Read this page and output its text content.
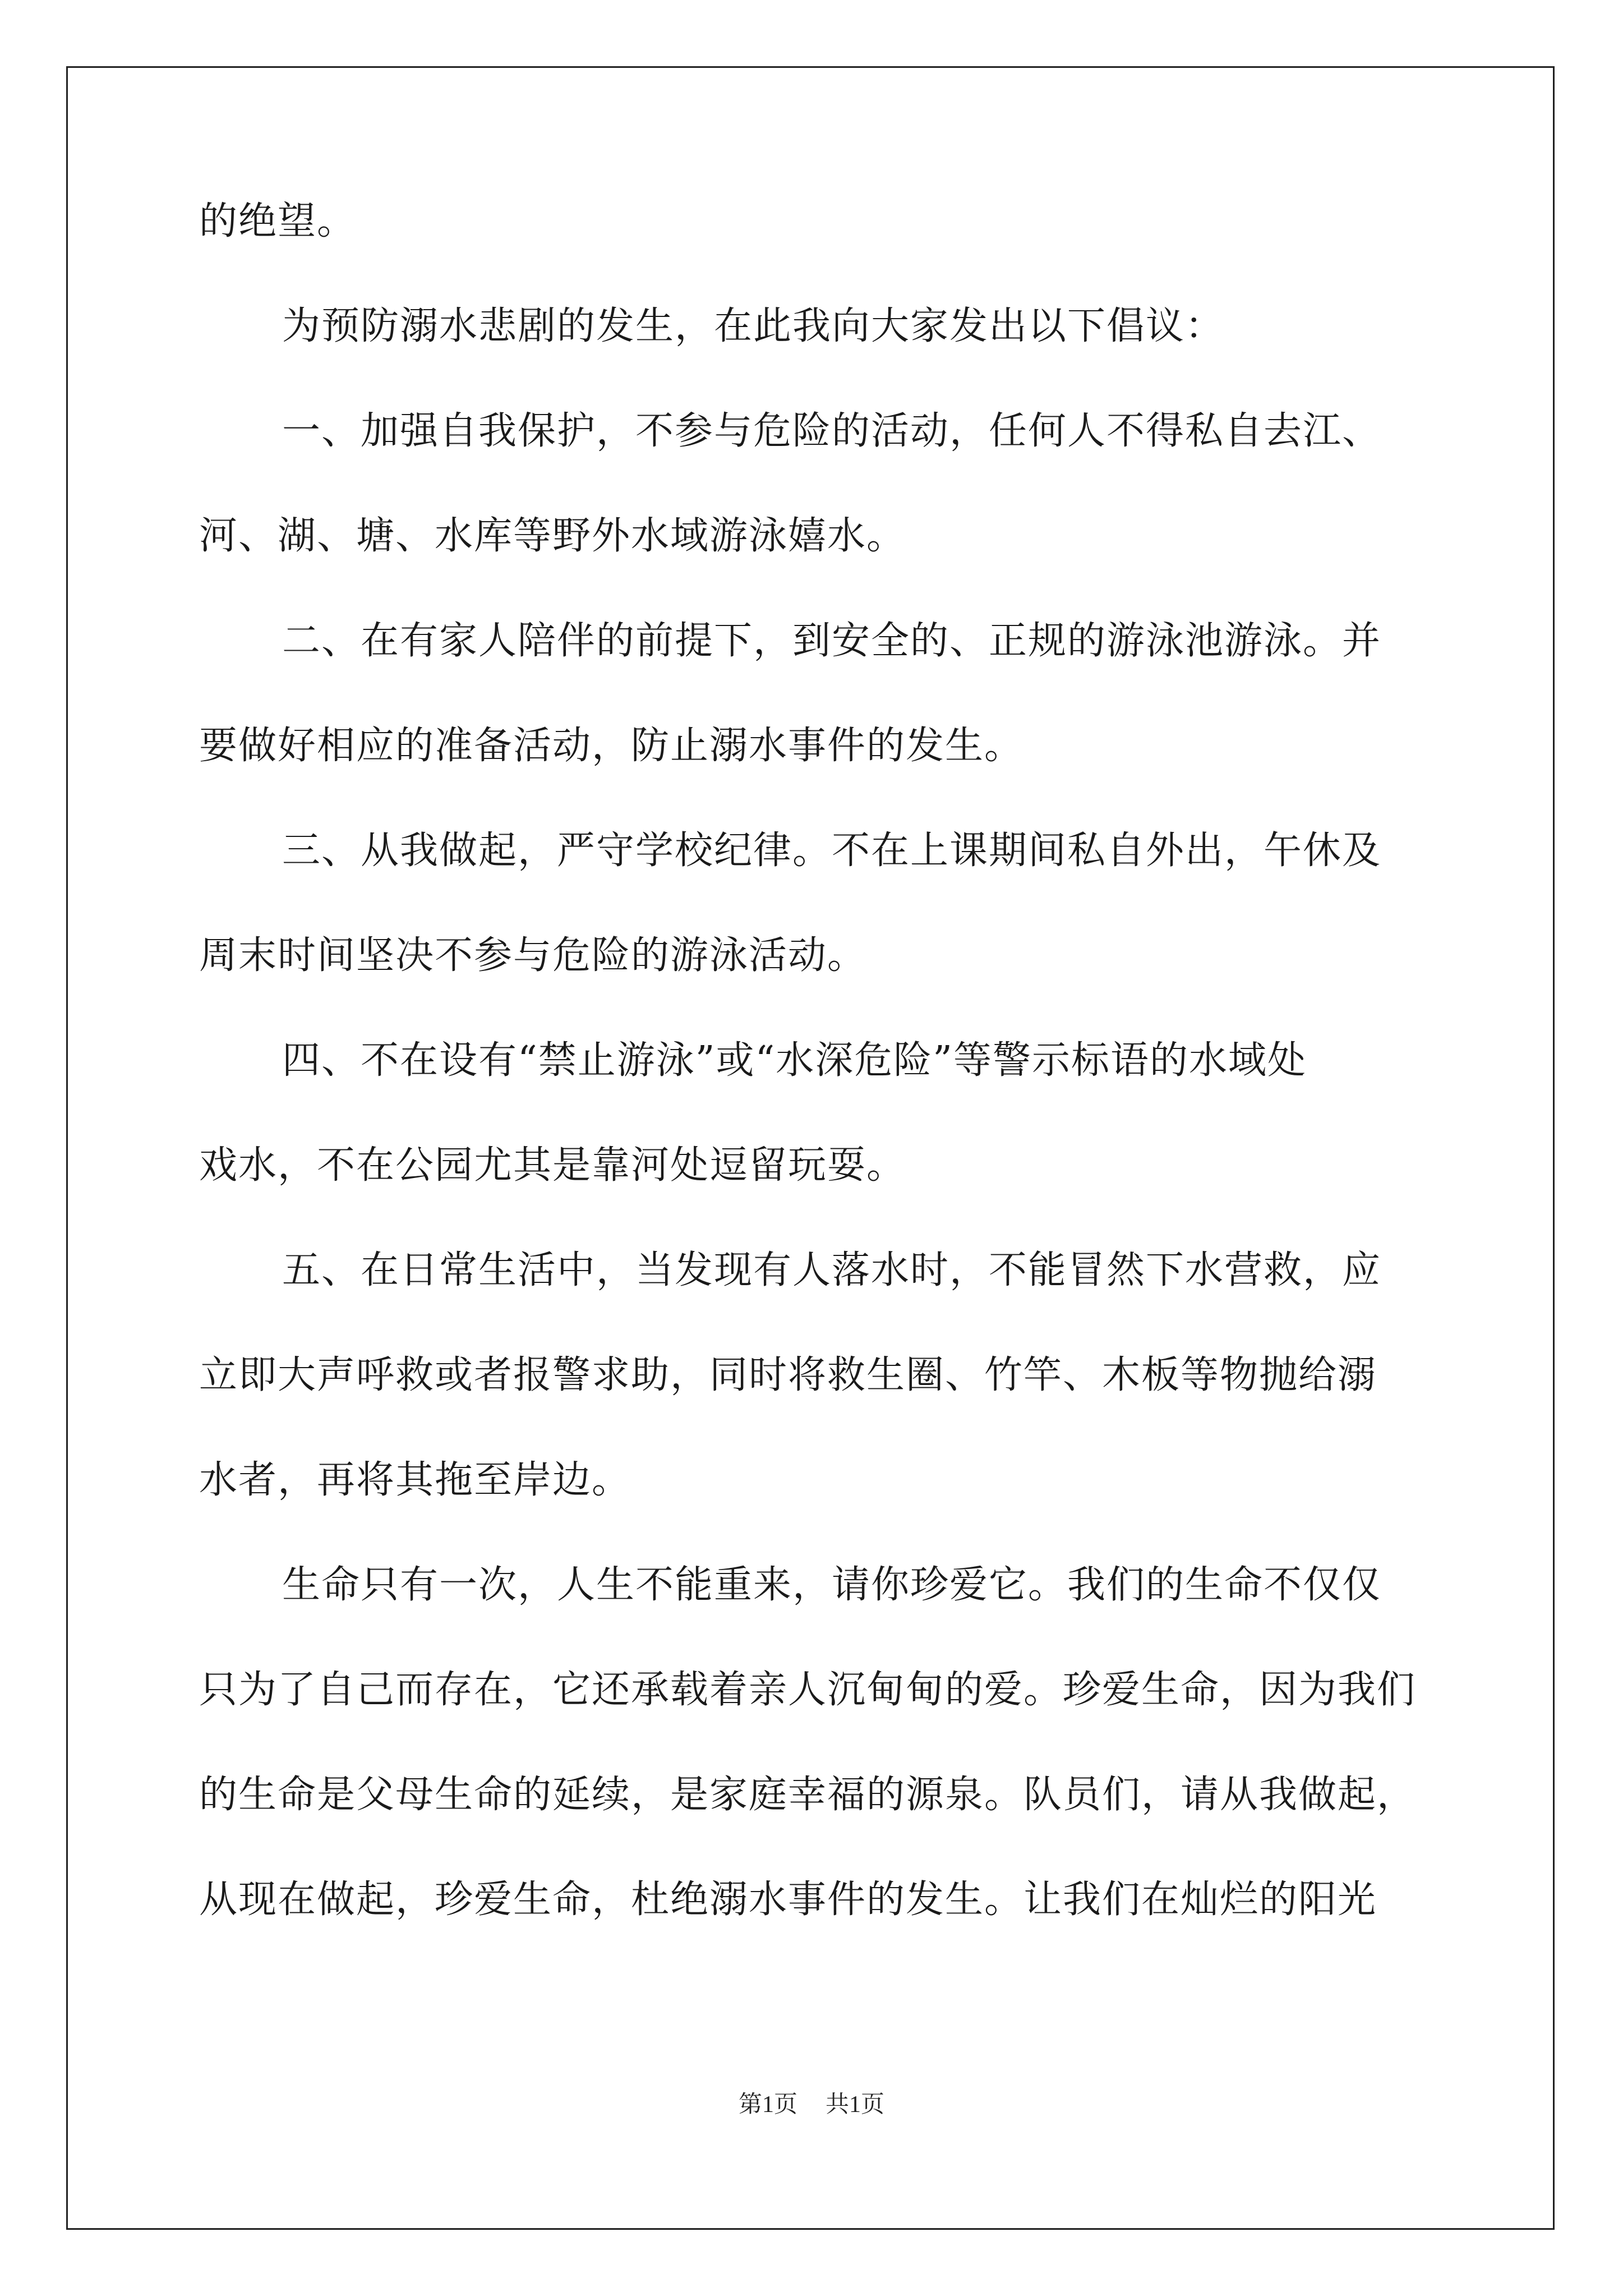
的绝望。
为预防溺水悲剧的发生，在此我向大家发出以下倡议：
一、加强自我保护，不参与危险的活动，任何人不得私自去江、
河、湖、塘、水库等野外水域游泳嬉水。
二、在有家人陪伴的前提下，到安全的、正规的游泳池游泳。并
要做好相应的准备活动，防止溺水事件的发生。
三、从我做起，严守学校纪律。不在上课期间私自外出，午休及
周末时间坚决不参与危险的游泳活动。
四、不在设有“禁止游泳”或“水深危险”等警示标语的水域处
戏水，不在公园尤其是靠河处逗留玩耍。
五、在日常生活中，当发现有人落水时，不能冒然下水营救，应
立即大声呼救或者报警求助，同时将救生圈、竹竿、木板等物抛给溺
水者，再将其拖至岸边。
生命只有一次，人生不能重来，请你珍爱它。我们的生命不仅仅
只为了自己而存在，它还承载着亲人沉甸甸的爱。珍爱生命，因为我们
的生命是父母生命的延续，是家庭幸福的源泉。队员们，请从我做起，
从现在做起，珍爱生命，杜绝溺水事件的发生。让我们在灿烂的阳光
第1页 共1页
